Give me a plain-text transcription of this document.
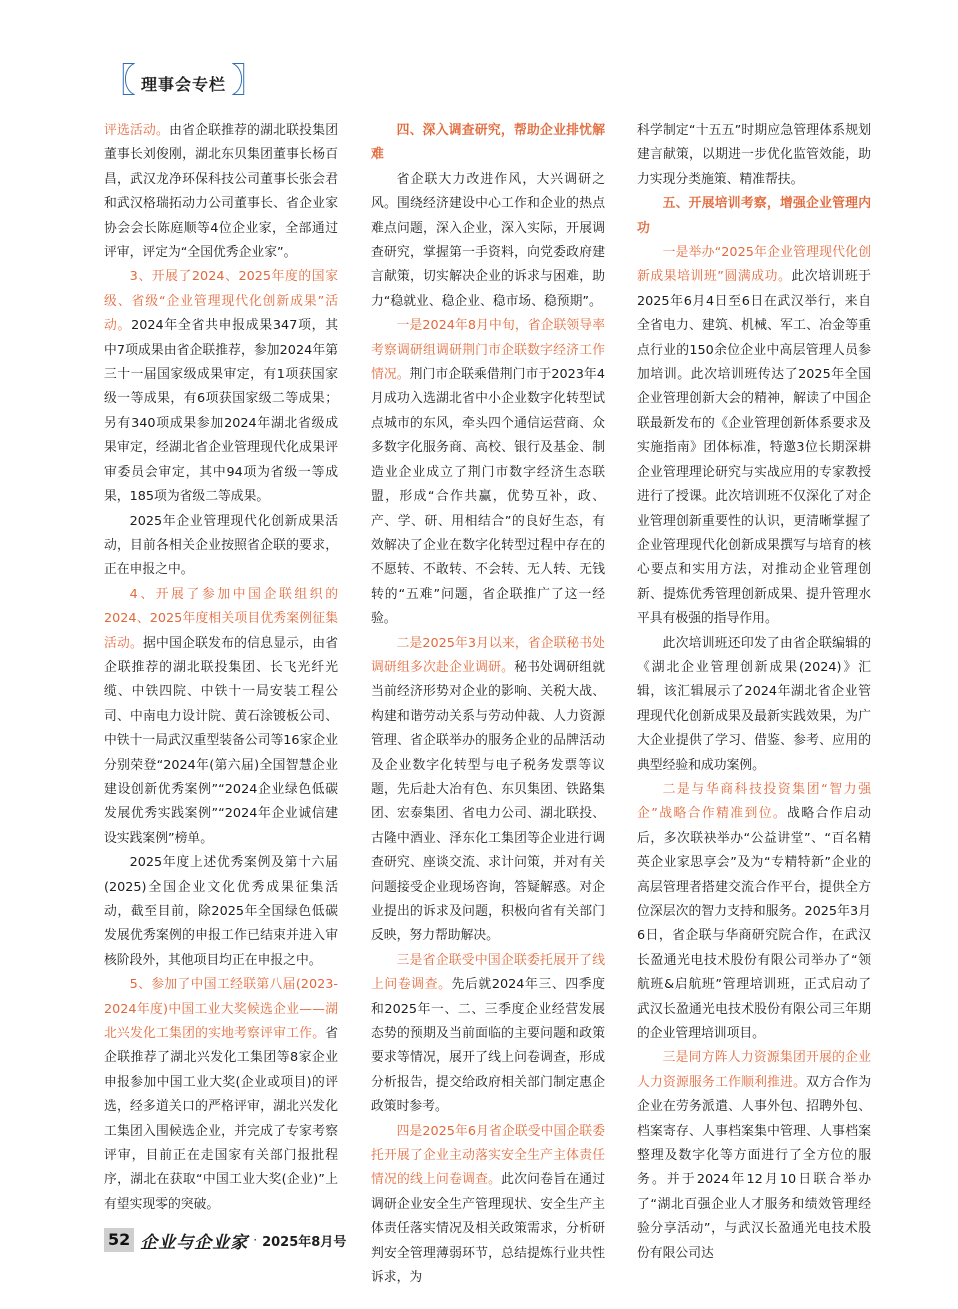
〖 理事会专栏 〗

评选活动。由省企联推荐的湖北联投集团董事长刘俊刚，湖北东贝集团董事长杨百昌，武汉龙净环保科技公司董事长张会君和武汉格瑞拓动力公司董事长、省企业家协会会长陈庭顺等4位企业家，全部通过评审，评定为“全国优秀企业家”。

3、开展了2024、2025年度的国家级、省级“企业管理现代化创新成果”活动。2024年全省共申报成果347项，其中7项成果由省企联推荐，参加2024年第三十一届国家级成果审定，有1项获国家级一等成果，有6项获国家级二等成果；另有340项成果参加2024年湖北省级成果审定，经湖北省企业管理现代化成果评审委员会审定，其中94项为省级一等成果，185项为省级二等成果。

2025年企业管理现代化创新成果活动，目前各相关企业按照省企联的要求，正在申报之中。

4、开展了参加中国企联组织的2024、2025年度相关项目优秀案例征集活动。据中国企联发布的信息显示，由省企联推荐的湖北联投集团、长飞光纤光缆、中铁四院、中铁十一局安装工程公司、中南电力设计院、黄石涂镀板公司、中铁十一局武汉重型装备公司等16家企业分别荣登“2024年(第六届)全国智慧企业建设创新优秀案例”“2024企业绿色低碳发展优秀实践案例”“2024年企业诚信建设实践案例”榜单。

2025年度上述优秀案例及第十六届(2025)全国企业文化优秀成果征集活动，截至目前，除2025年全国绿色低碳发展优秀案例的申报工作已结束并进入审核阶段外，其他项目均正在申报之中。

5、参加了中国工经联第八届(2023-2024年度)中国工业大奖候选企业——湖北兴发化工集团的实地考察评审工作。省企联推荐了湖北兴发化工集团等8家企业申报参加中国工业大奖(企业或项目)的评选，经多道关口的严格评审，湖北兴发化工集团入围候选企业，并完成了专家考察评审，目前正在走国家有关部门报批程序，湖北在获取“中国工业大奖(企业)”上有望实现零的突破。

四、深入调查研究，帮助企业排忧解难

省企联大力改进作风，大兴调研之风。围绕经济建设中心工作和企业的热点难点问题，深入企业，深入实际，开展调查研究，掌握第一手资料，向党委政府建言献策，切实解决企业的诉求与困难，助力“稳就业、稳企业、稳市场、稳预期”。

一是2024年8月中旬，省企联领导率考察调研组调研荆门市企联数字经济工作情况。荆门市企联乘借荆门市于2023年4月成功入选湖北省中小企业数字化转型试点城市的东风，牵头四个通信运营商、众多数字化服务商、高校、银行及基金、制造业企业成立了荆门市数字经济生态联盟，形成“合作共赢，优势互补，政、产、学、研、用相结合”的良好生态，有效解决了企业在数字化转型过程中存在的不愿转、不敢转、不会转、无人转、无钱转的“五难”问题，省企联推广了这一经验。

二是2025年3月以来，省企联秘书处调研组多次赴企业调研。秘书处调研组就当前经济形势对企业的影响、关税大战、构建和谐劳动关系与劳动仲裁、人力资源管理、省企联举办的服务企业的品牌活动及企业数字化转型与电子税务发票等议题，先后赴大冶有色、东贝集团、铁路集团、宏泰集团、省电力公司、湖北联投、古隆中酒业、泽东化工集团等企业进行调查研究、座谈交流、求计问策，并对有关问题接受企业现场咨询，答疑解惑。对企业提出的诉求及问题，积极向省有关部门反映，努力帮助解决。

三是省企联受中国企联委托展开了线上问卷调查。先后就2024年三、四季度和2025年一、二、三季度企业经营发展态势的预期及当前面临的主要问题和政策要求等情况，展开了线上问卷调查，形成分析报告，提交给政府相关部门制定惠企政策时参考。

四是2025年6月省企联受中国企联委托开展了企业主动落实安全生产主体责任情况的线上问卷调查。此次问卷旨在通过调研企业安全生产管理现状、安全生产主体责任落实情况及相关政策需求，分析研判安全管理薄弱环节，总结提炼行业共性诉求，为

科学制定“十五五”时期应急管理体系规划建言献策，以期进一步优化监管效能，助力实现分类施策、精准帮扶。

五、开展培训考察，增强企业管理内功

一是举办“2025年企业管理现代化创新成果培训班”圆满成功。此次培训班于2025年6月4日至6日在武汉举行，来自全省电力、建筑、机械、军工、冶金等重点行业的150余位企业中高层管理人员参加培训。此次培训班传达了2025年全国企业管理创新大会的精神，解读了中国企联最新发布的《企业管理创新体系要求及实施指南》团体标准，特邀3位长期深耕企业管理理论研究与实战应用的专家教授进行了授课。此次培训班不仅深化了对企业管理创新重要性的认识，更清晰掌握了企业管理现代化创新成果撰写与培育的核心要点和实用方法，对推动企业管理创新、提炼优秀管理创新成果、提升管理水平具有极强的指导作用。

此次培训班还印发了由省企联编辑的《湖北企业管理创新成果(2024)》汇辑，该汇辑展示了2024年湖北省企业管理现代化创新成果及最新实践效果，为广大企业提供了学习、借鉴、参考、应用的典型经验和成功案例。

二是与华商科技投资集团“智力强企”战略合作精准到位。战略合作启动后，多次联袂举办“公益讲堂”、“百名精英企业家思享会”及为“专精特新”企业的高层管理者搭建交流合作平台，提供全方位深层次的智力支持和服务。2025年3月6日，省企联与华商研究院合作，在武汉长盈通光电技术股份有限公司举办了“领航班&启航班”管理培训班，正式启动了武汉长盈通光电技术股份有限公司三年期的企业管理培训项目。

三是同方阵人力资源集团开展的企业人力资源服务工作顺利推进。双方合作为企业在劳务派遣、人事外包、招聘外包、档案寄存、人事档案集中管理、人事档案整理及数字化等方面进行了全方位的服务。并于2024年12月10日联合举办了“湖北百强企业人才服务和绩效管理经验分享活动”，与武汉长盈通光电技术股份有限公司达

52 企业与企业家 · 2025年8月号
